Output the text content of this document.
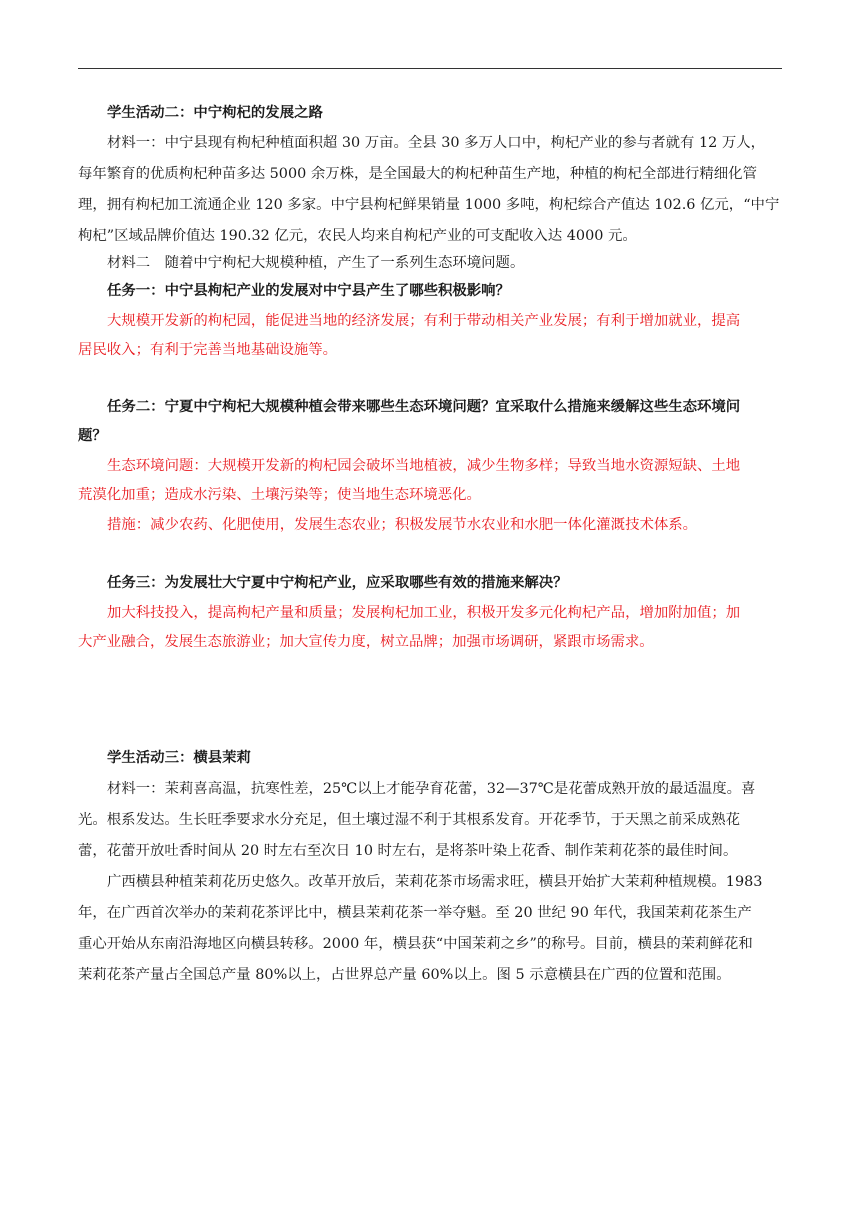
学生活动二：中宁枸杞的发展之路

材料一：中宁县现有枸杞种植面积超 30 万亩。全县 30 多万人口中，枸杞产业的参与者就有 12 万人，

每年繁育的优质枸杞种苗多达 5000 余万株，是全国最大的枸杞种苗生产地，种植的枸杞全部进行精细化管

理，拥有枸杞加工流通企业 120 多家。中宁县枸杞鲜果销量 1000 多吨，枸杞综合产值达 102.6 亿元，“中宁

枸杞”区域品牌价值达 190.32 亿元，农民人均来自枸杞产业的可支配收入达 4000 元。

材料二　随着中宁枸杞大规模种植，产生了一系列生态环境问题。

任务一：中宁县枸杞产业的发展对中宁县产生了哪些积极影响？

大规模开发新的枸杞园，能促进当地的经济发展；有利于带动相关产业发展；有利于增加就业，提高

居民收入；有利于完善当地基础设施等。

任务二：宁夏中宁枸杞大规模种植会带来哪些生态环境问题？宜采取什么措施来缓解这些生态环境问

题？

生态环境问题：大规模开发新的枸杞园会破坏当地植被，减少生物多样；导致当地水资源短缺、土地

荒漠化加重；造成水污染、土壤污染等；使当地生态环境恶化。

措施：减少农药、化肥使用，发展生态农业；积极发展节水农业和水肥一体化灌溉技术体系。

任务三：为发展壮大宁夏中宁枸杞产业，应采取哪些有效的措施来解决？

加大科技投入，提高枸杞产量和质量；发展枸杞加工业，积极开发多元化枸杞产品，增加附加值；加

大产业融合，发展生态旅游业；加大宣传力度，树立品牌；加强市场调研，紧跟市场需求。

学生活动三：横县茉莉

材料一：茉莉喜高温，抗寒性差，25℃以上才能孕育花蕾，32—37℃是花蕾成熟开放的最适温度。喜

光。根系发达。生长旺季要求水分充足，但土壤过湿不利于其根系发育。开花季节，于天黑之前采成熟花

蕾，花蕾开放吐香时间从 20 时左右至次日 10 时左右，是将茶叶染上花香、制作茉莉花茶的最佳时间。

广西横县种植茉莉花历史悠久。改革开放后，茉莉花茶市场需求旺，横县开始扩大茉莉种植规模。1983

年，在广西首次举办的茉莉花茶评比中，横县茉莉花茶一举夺魁。至 20 世纪 90 年代，我国茉莉花茶生产

重心开始从东南沿海地区向横县转移。2000 年，横县获“中国茉莉之乡”的称号。目前，横县的茉莉鲜花和

茉莉花茶产量占全国总产量 80%以上，占世界总产量 60%以上。图 5 示意横县在广西的位置和范围。
